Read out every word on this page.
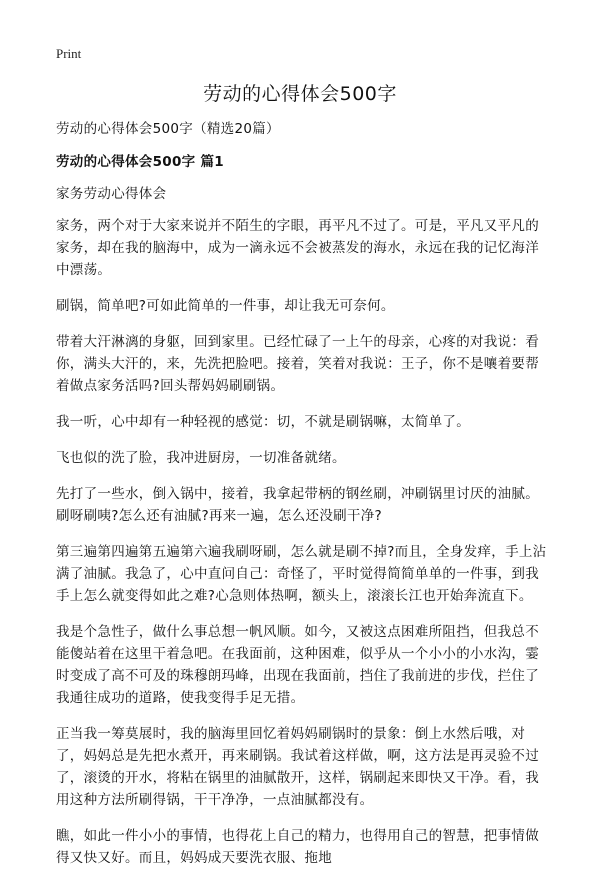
Print
劳动的心得体会500字

劳动的心得体会500字（精选20篇）

劳动的心得体会500字 篇1

家务劳动心得体会

家务，两个对于大家来说并不陌生的字眼，再平凡不过了。可是，平凡又平凡的家务，却在我的脑海中，成为一滴永远不会被蒸发的海水，永远在我的记忆海洋中漂荡。

刷锅，简单吧?可如此简单的一件事，却让我无可奈何。

带着大汗淋漓的身躯，回到家里。已经忙碌了一上午的母亲，心疼的对我说：看你，满头大汗的，来，先洗把脸吧。接着，笑着对我说：王子，你不是嚷着要帮着做点家务活吗?回头帮妈妈刷刷锅。

我一听，心中却有一种轻视的感觉：切，不就是刷锅嘛，太简单了。

飞也似的洗了脸，我冲进厨房，一切准备就绪。

先打了一些水，倒入锅中，接着，我拿起带柄的钢丝刷，冲刷锅里讨厌的油腻。刷呀刷咦?怎么还有油腻?再来一遍，怎么还没刷干净?

第三遍第四遍第五遍第六遍我刷呀刷，怎么就是刷不掉?而且，全身发痒，手上沾满了油腻。我急了，心中直问自己：奇怪了，平时觉得简简单单的一件事，到我手上怎么就变得如此之难?心急则体热啊，额头上，滚滚长江也开始奔流直下。

我是个急性子，做什么事总想一帆风顺。如今，又被这点困难所阻挡，但我总不能傻站着在这里干着急吧。在我面前，这种困难，似乎从一个小小的小水沟，霎时变成了高不可及的珠穆朗玛峰，出现在我面前，挡住了我前进的步伐，拦住了我通往成功的道路，使我变得手足无措。

正当我一筹莫展时，我的脑海里回忆着妈妈刷锅时的景象：倒上水然后哦，对了，妈妈总是先把水煮开，再来刷锅。我试着这样做，啊，这方法是再灵验不过了，滚烫的开水，将粘在锅里的油腻散开，这样，锅刷起来即快又干净。看，我用这种方法所刷得锅，干干净净，一点油腻都没有。

瞧，如此一件小小的事情，也得花上自己的精力，也得用自己的智慧，把事情做得又快又好。而且，妈妈成天要洗衣服、拖地
